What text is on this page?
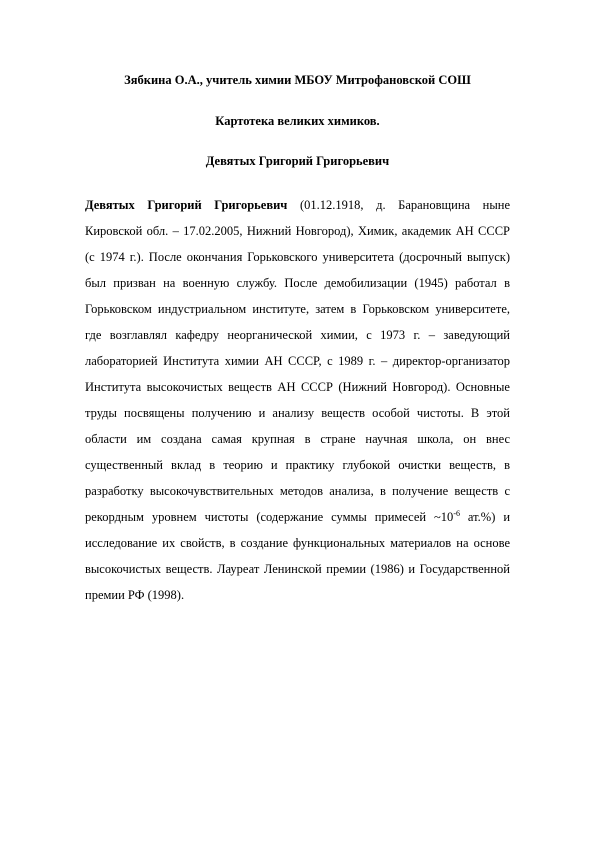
Зябкина О.А., учитель химии МБОУ Митрофановской СОШ

Картотека великих химиков.

Девятых Григорий Григорьевич

Девятых Григорий Григорьевич (01.12.1918, д. Барановщина ныне Кировской обл. – 17.02.2005, Нижний Новгород), Химик, академик АН СССР (с 1974 г.). После окончания Горьковского университета (досрочный выпуск) был призван на военную службу. После демобилизации (1945) работал в Горьковском индустриальном институте, затем в Горьковском университете, где возглавлял кафедру неорганической химии, с 1973 г. – заведующий лабораторией Института химии АН СССР, с 1989 г. – директор-организатор Института высокочистых веществ АН СССР (Нижний Новгород). Основные труды посвящены получению и анализу веществ особой чистоты. В этой области им создана самая крупная в стране научная школа, он внес существенный вклад в теорию и практику глубокой очистки веществ, в разработку высокочувствительных методов анализа, в получение веществ с рекордным уровнем чистоты (содержание суммы примесей $\sim 10^{-6}$ ат.%) и исследование их свойств, в создание функциональных материалов на основе высокочистых веществ. Лауреат Ленинской премии (1986) и Государственной премии РФ (1998).
